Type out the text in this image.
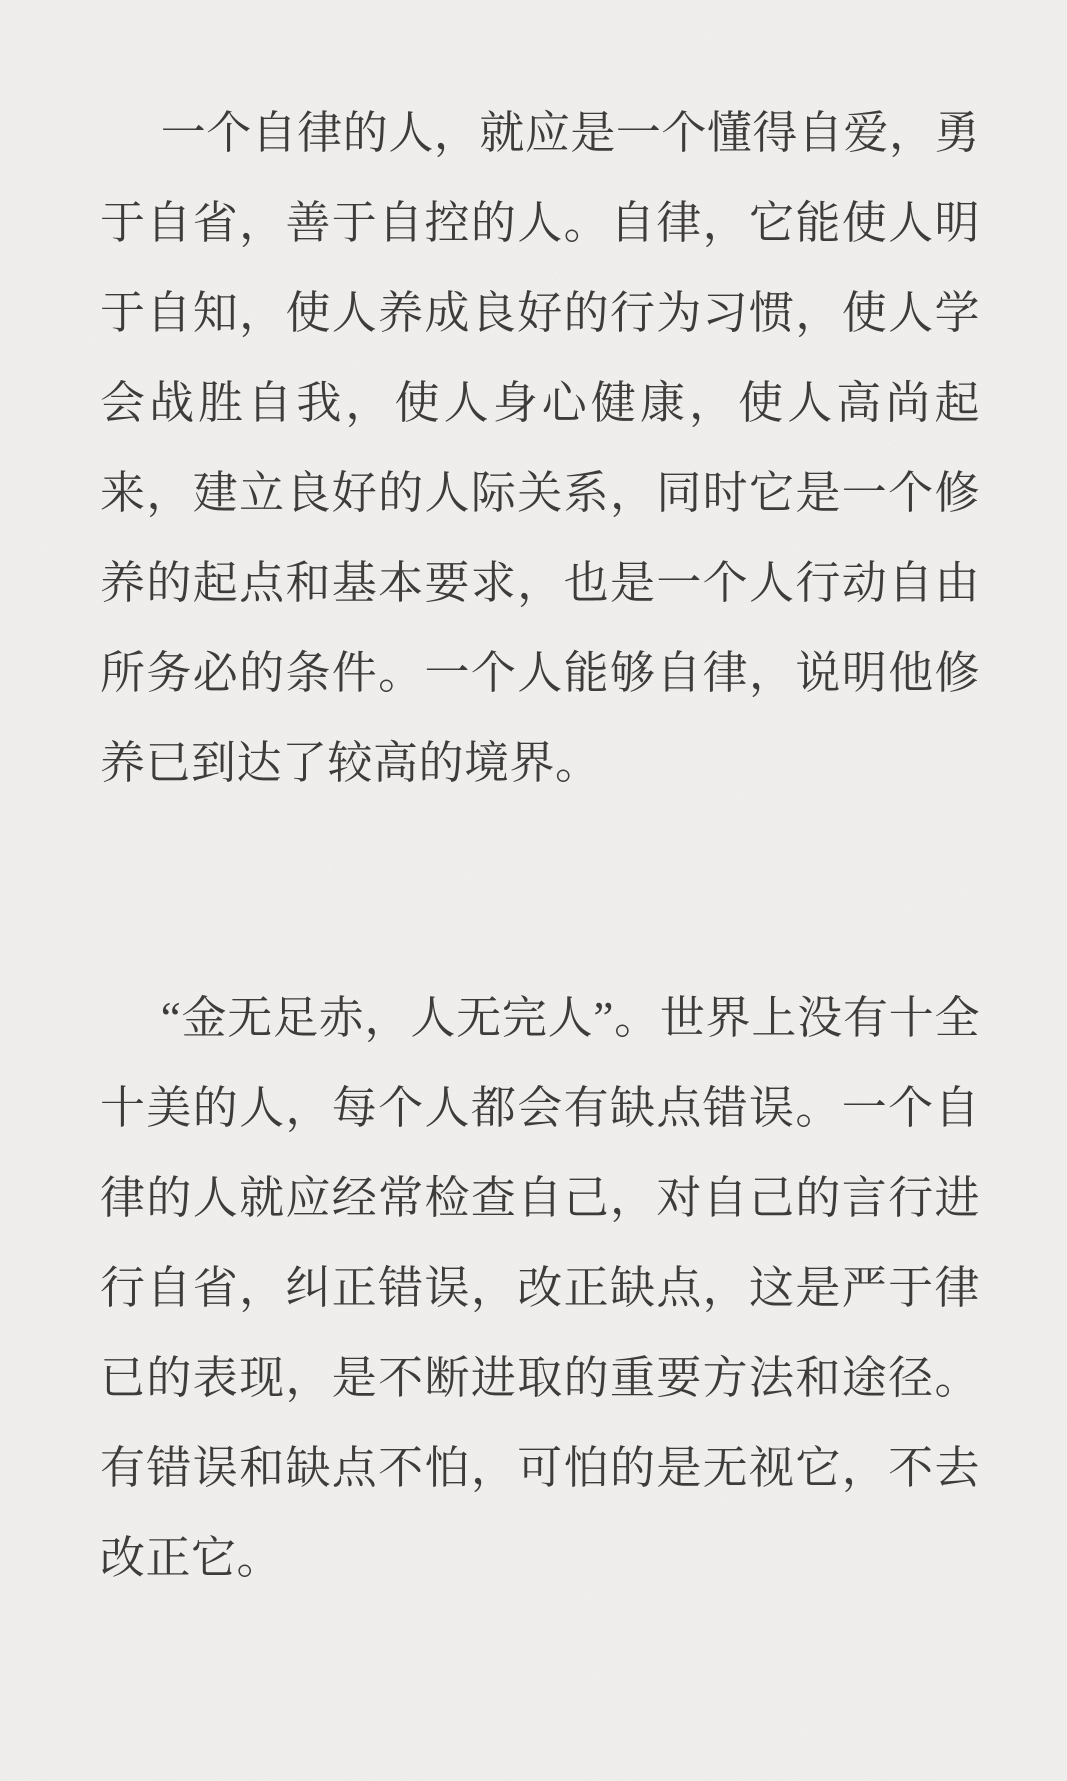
一个自律的人，就应是一个懂得自爱，勇于自省，善于自控的人。自律，它能使人明于自知，使人养成良好的行为习惯，使人学会战胜自我，使人身心健康，使人高尚起来，建立良好的人际关系，同时它是一个修养的起点和基本要求，也是一个人行动自由所务必的条件。一个人能够自律，说明他修养已到达了较高的境界。

“金无足赤，人无完人”。世界上没有十全十美的人，每个人都会有缺点错误。一个自律的人就应经常检查自己，对自己的言行进行自省，纠正错误，改正缺点，这是严于律已的表现，是不断进取的重要方法和途径。有错误和缺点不怕，可怕的是无视它，不去改正它。
